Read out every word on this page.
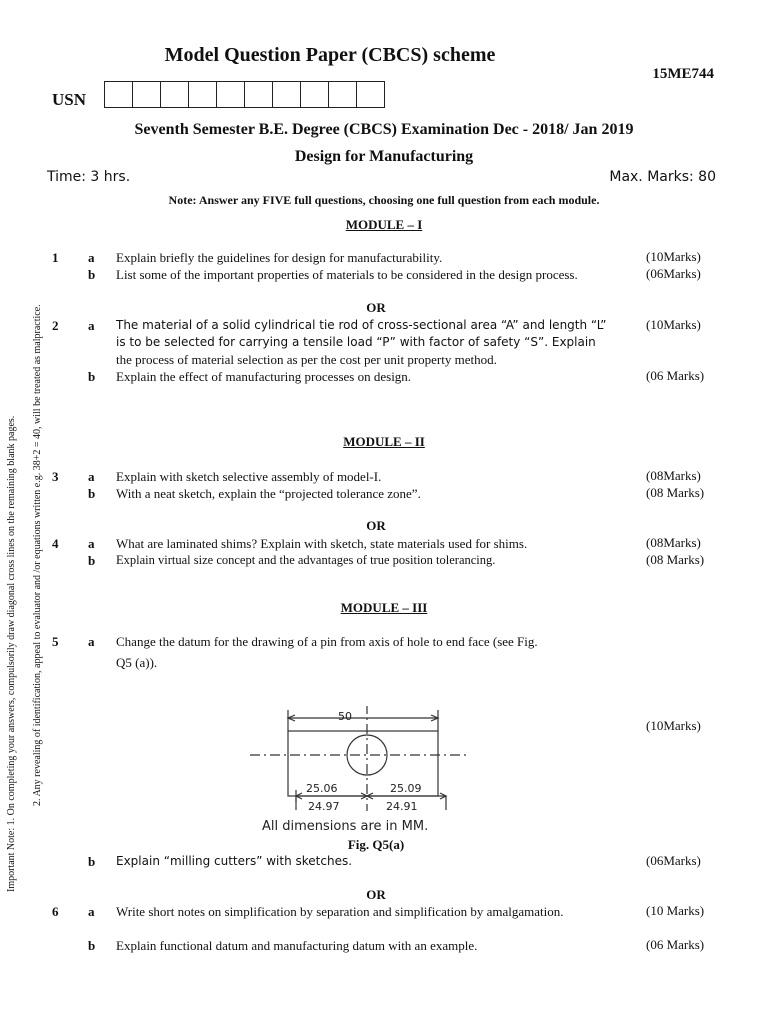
Important Note: 1. On completing your answers, compulsorily draw diagonal cross lines on the remaining blank pages. 2. Any revealing of identification, appeal to evaluator and /or equations written e.g. 38+2 = 40, will be treated as malpractice.
Model Question Paper (CBCS) scheme
15ME744
USN
Seventh Semester B.E. Degree (CBCS) Examination Dec - 2018/ Jan 2019
Design for Manufacturing
Time: 3 hrs.	Max. Marks: 80
Note: Answer any FIVE full questions, choosing one full question from each module.
MODULE – I
1 a Explain briefly the guidelines for design for manufacturability.	(10Marks)
b List some of the important properties of materials to be considered in the design process.	(06Marks)
OR
2 a The material of a solid cylindrical tie rod of cross-sectional area “A” and length “L”
is to be selected for carrying a tensile load “P” with factor of safety “S”. Explain
the process of material selection as per the cost per unit property method.
(10Marks)
b Explain the effect of manufacturing processes on design.	(06 Marks)
MODULE – II
3 a Explain with sketch selective assembly of model-I.	(08Marks)
b With a neat sketch, explain the “projected tolerance zone”.	(08 Marks)
OR
4 a What are laminated shims? Explain with sketch, state materials used for shims.	(08Marks)
b Explain virtual size concept and the advantages of true position tolerancing.	(08 Marks)
MODULE – III
5 a Change the datum for the drawing of a pin from axis of hole to end face (see Fig.
Q5 (a)).
(10Marks)
50
25.06
24.97
25.09
24.91
All dimensions are in MM.
Fig. Q5(a)
b Explain “milling cutters” with sketches.	(06Marks)
OR
6 a Write short notes on simplification by separation and simplification by amalgamation.	(10 Marks)
b Explain functional datum and manufacturing datum with an example.	(06 Marks)
